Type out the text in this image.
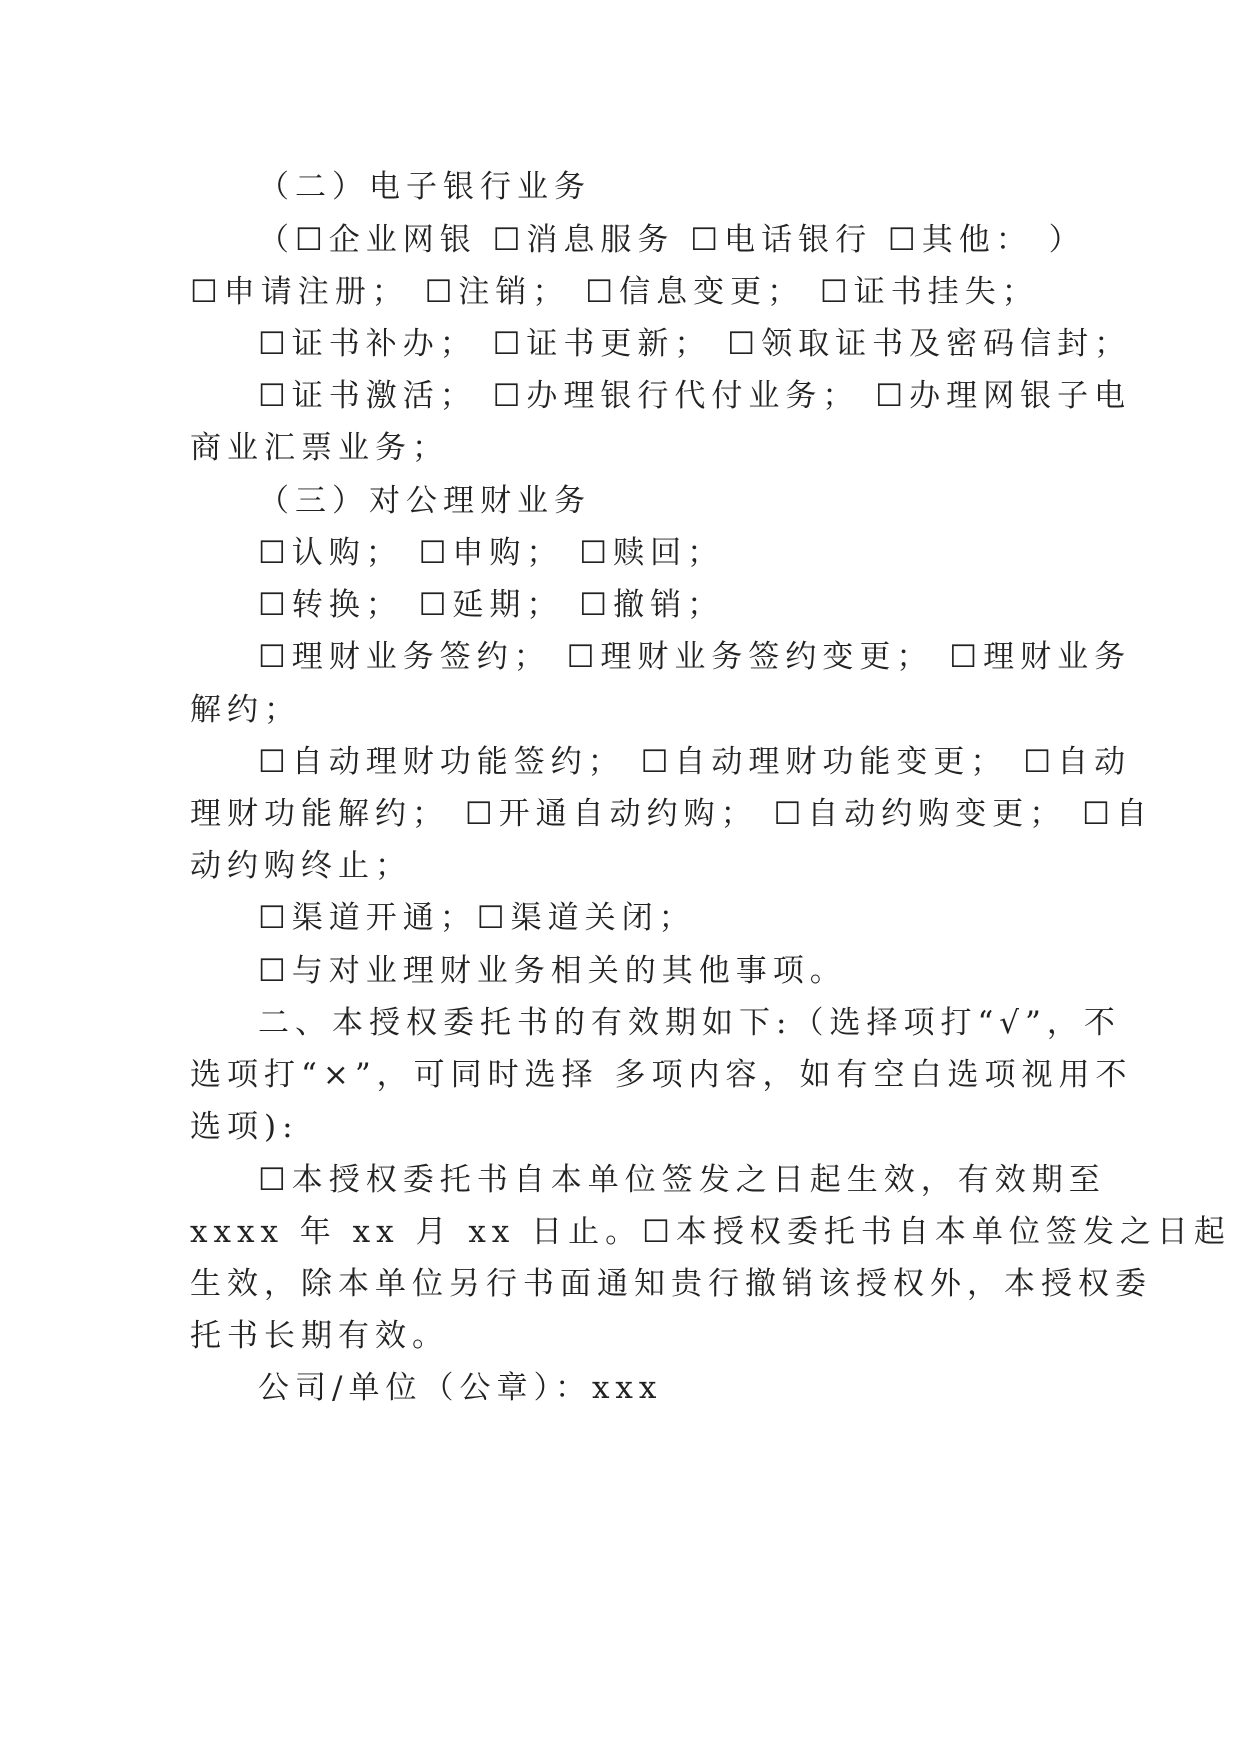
（二）电子银行业务
（☐企业网银 ☐消息服务 ☐电话银行 ☐其他： ）
☐申请注册； ☐注销； ☐信息变更； ☐证书挂失；
☐证书补办； ☐证书更新； ☐领取证书及密码信封；
☐证书激活； ☐办理银行代付业务； ☐办理网银子电
商业汇票业务；
（三）对公理财业务
☐认购； ☐申购； ☐赎回；
☐转换； ☐延期； ☐撤销；
☐理财业务签约； ☐理财业务签约变更； ☐理财业务
解约；
☐自动理财功能签约； ☐自动理财功能变更； ☐自动
理财功能解约； ☐开通自动约购； ☐自动约购变更； ☐自
动约购终止；
☐渠道开通；☐渠道关闭；
☐与对业理财业务相关的其他事项。
二、本授权委托书的有效期如下:（选择项打“√”，不
选项打“×”，可同时选择 多项内容，如有空白选项视用不
选项):
☐本授权委托书自本单位签发之日起生效，有效期至
xxxx 年 xx 月 xx 日止。☐本授权委托书自本单位签发之日起
生效，除本单位另行书面通知贵行撤销该授权外，本授权委
托书长期有效。
公司/单位（公章）：xxx
